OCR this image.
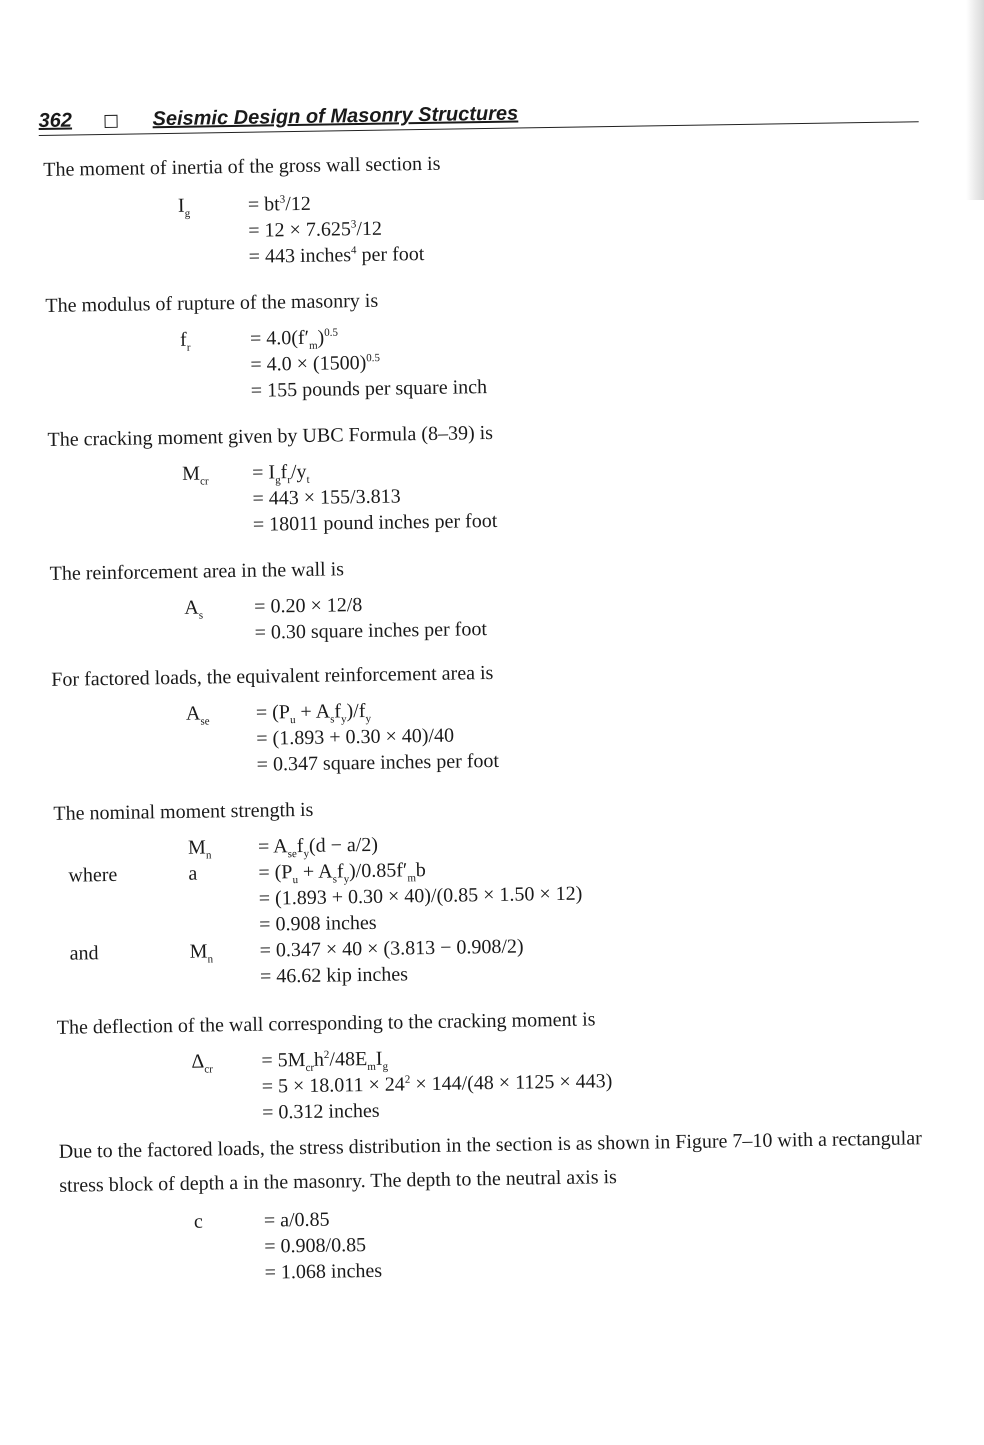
362	Seismic Design of Masonry Structures
The moment of inertia of the gross wall section is
$I_g$	= $bt^3/12$
= $12 \times 7.625^3/12$
= 443 inches$^4$ per foot
The modulus of rupture of the masonry is
$f_r$	= $4.0(f'_m)^{0.5}$
= $4.0 \times (1500)^{0.5}$
= 155 pounds per square inch
The cracking moment given by UBC Formula (8–39) is
$M_{cr} = I_gf_r/y_t$
= 443 × 155/3.813
= 18011 pound inches per foot
The reinforcement area in the wall is
$A_s$	= 0.20 × 12/8
= 0.30 square inches per foot
For factored loads, the equivalent reinforcement area is
$A_{se} = (P_u + A_sf_y)/f_y$
= (1.893 + 0.30 × 40)/40
= 0.347 square inches per foot
The nominal moment strength is
$M_n = A_{se}f_y(d - a/2)$
where	a	= $(P_u + A_sf_y)/0.85f'_mb$
= (1.893 + 0.30 × 40)/(0.85 × 1.50 × 12)
= 0.908 inches
and	$M_n = 0.347 \times 40 \times (3.813 - 0.908/2)$
= 46.62 kip inches
The deflection of the wall corresponding to the cracking moment is
$\Delta_{cr} = 5M_{cr}h^2/48E_mI_g$
= $5 \times 18.011 \times 24^2 \times 144/(48 \times 1125 \times 443)$
= 0.312 inches
Due to the factored loads, the stress distribution in the section is as shown in Figure 7–10 with a rectangular stress block of depth a in the masonry. The depth to the neutral axis is
c	= a/0.85
= 0.908/0.85
= 1.068 inches
